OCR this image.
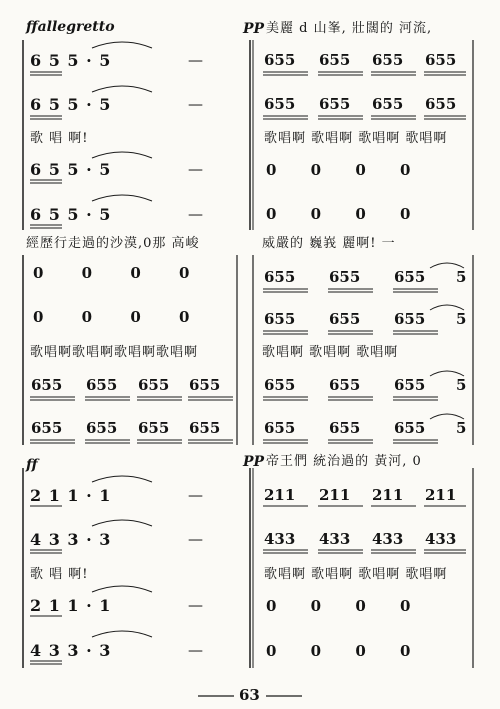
ffallegretto
6 5 5 · 5	—
6 5 5 · 5	—
歌 唱 啊!
6 5 5 · 5	—
6 5 5 · 5	—
PP 美麗 d 山峯, 壯闊的 河流,
655 655 655 655
655 655 655 655
歌唱啊 歌唱啊 歌唱啊 歌唱啊
0 0 0 0
0 0 0 0
經歷行走過的沙漠,0那 高峻
0 0 0 0
0 0 0 0
歌唱啊歌唱啊歌唱啊歌唱啊
655 655 655 655
655 655 655 655
威嚴的 巍峩 麗啊! 一
655 655 655 5
655 655 655 5
歌唱啊 歌唱啊 歌唱啊
655 655 655 5
655 655 655 5
ff
2 1 1 · 1	—
4 3 3 · 3	—
歌 唱 啊!
2 1 1 · 1	—
4 3 3 · 3	—
PP 帝王們 統治過的 黃河, 0
211 211 211 211
433 433 433 433
歌唱啊 歌唱啊 歌唱啊 歌唱啊
0 0 0 0
0 0 0 0
63
